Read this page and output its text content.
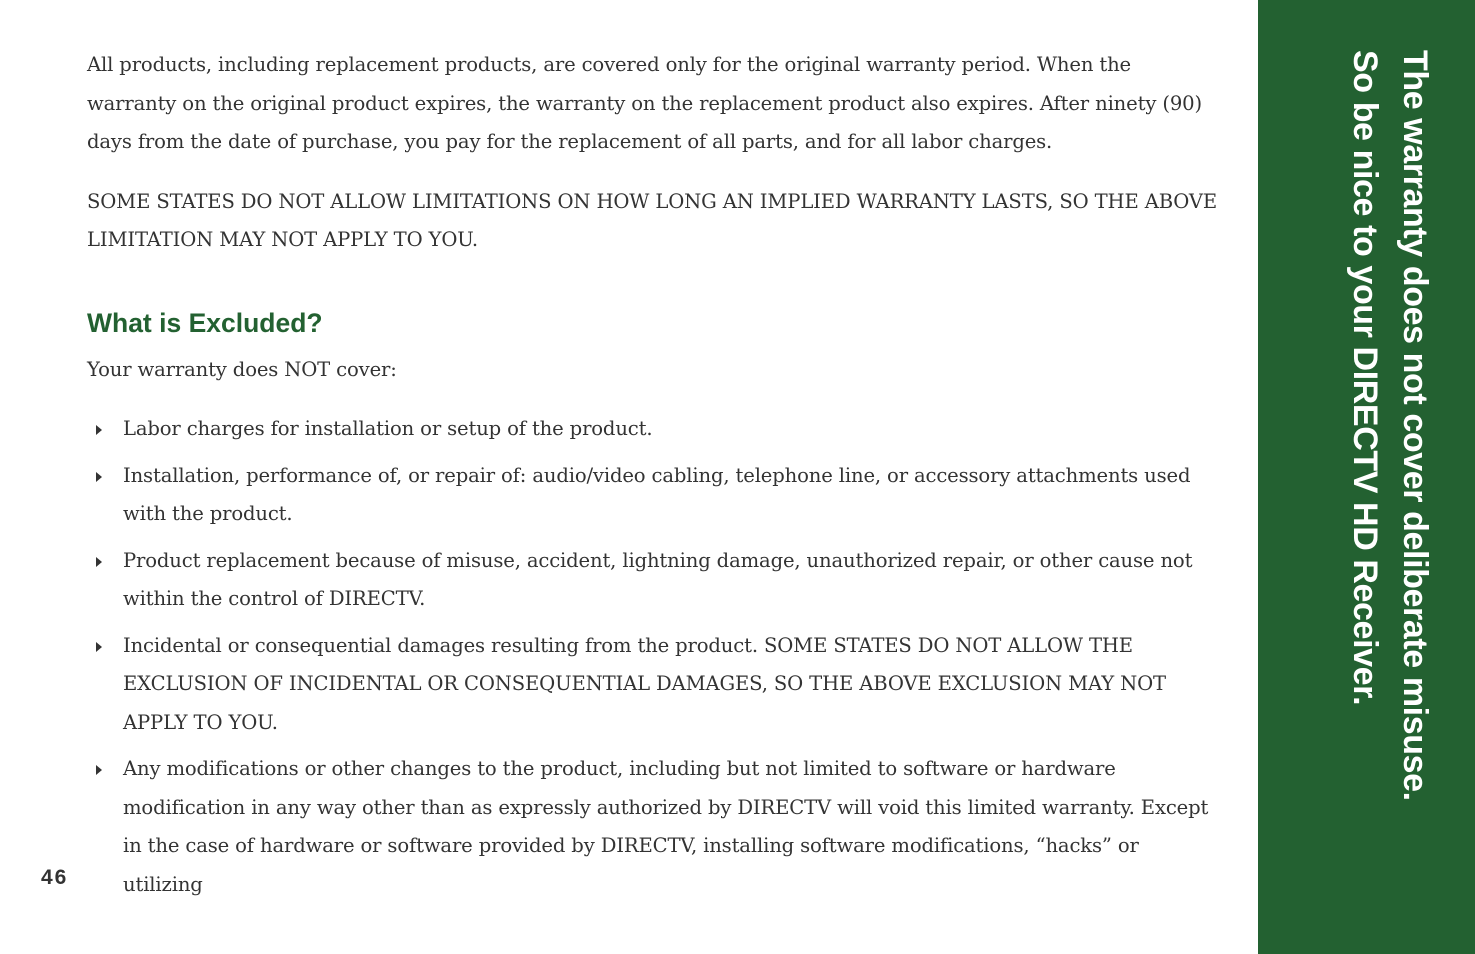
All products, including replacement products, are covered only for the original warranty period. When the warranty on the original product expires, the warranty on the replacement product also expires. After ninety (90) days from the date of purchase, you pay for the replacement of all parts, and for all labor charges.

SOME STATES DO NOT ALLOW LIMITATIONS ON HOW LONG AN IMPLIED WARRANTY LASTS, SO THE ABOVE LIMITATION MAY NOT APPLY TO YOU.

What is Excluded?

Your warranty does NOT cover:

Labor charges for installation or setup of the product.
Installation, performance of, or repair of: audio/video cabling, telephone line, or accessory attachments used with the product.
Product replacement because of misuse, accident, lightning damage, unauthorized repair, or other cause not within the control of DIRECTV.
Incidental or consequential damages resulting from the product. SOME STATES DO NOT ALLOW THE EXCLUSION OF INCIDENTAL OR CONSEQUENTIAL DAMAGES, SO THE ABOVE EXCLUSION MAY NOT APPLY TO YOU.
Any modifications or other changes to the product, including but not limited to software or hardware modification in any way other than as expressly authorized by DIRECTV will void this limited warranty. Except in the case of hardware or software provided by DIRECTV, installing software modifications, “hacks” or utilizing
46
The warranty does not cover deliberate misuse.
So be nice to your DIRECTV HD Receiver.
